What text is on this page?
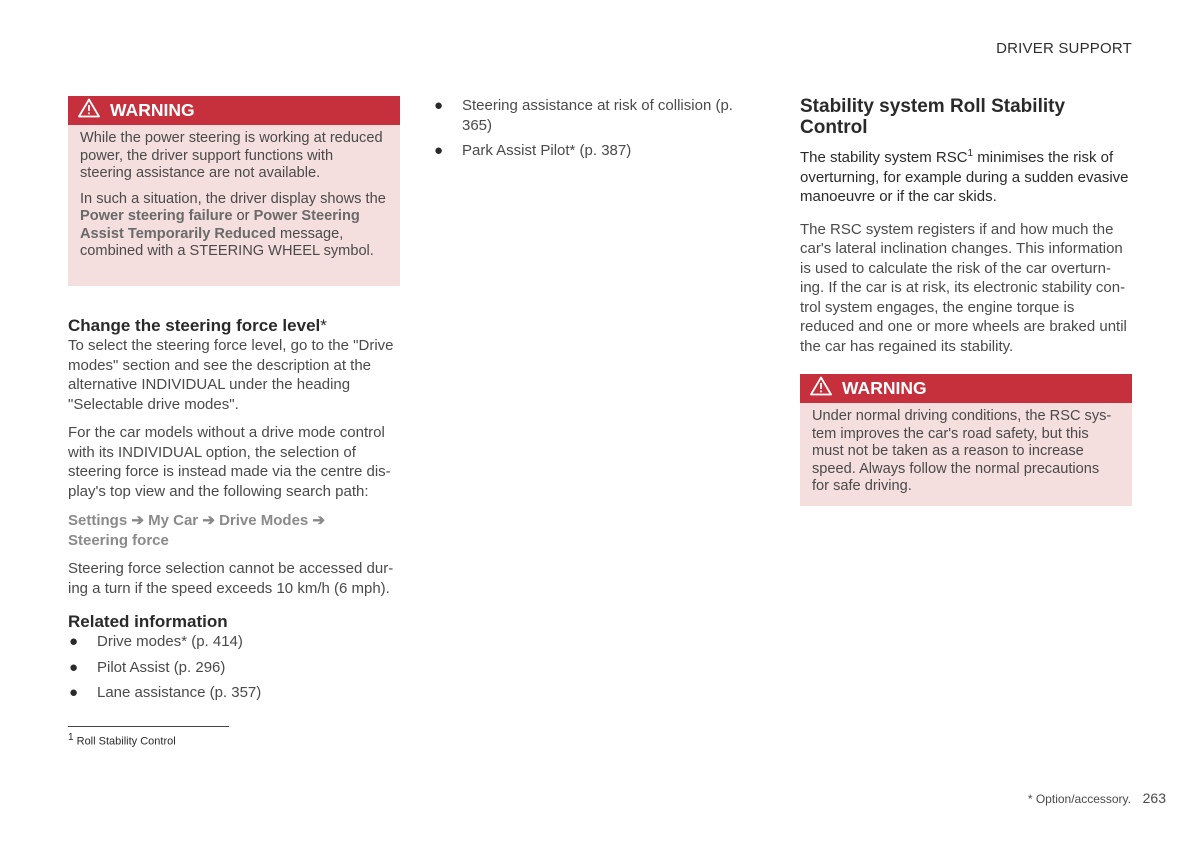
DRIVER SUPPORT
WARNING

While the power steering is working at reduced power, the driver support functions with steering assistance are not available.

In such a situation, the driver display shows the Power steering failure or Power Steering Assist Temporarily Reduced message, combined with a STEERING WHEEL symbol.

Change the steering force level*

To select the steering force level, go to the "Drive modes" section and see the description at the alternative INDIVIDUAL under the heading "Selectable drive modes".

For the car models without a drive mode control with its INDIVIDUAL option, the selection of steering force is instead made via the centre dis- play's top view and the following search path:

Settings ➔ My Car ➔ Drive Modes ➔
Steering force

Steering force selection cannot be accessed dur- ing a turn if the speed exceeds 10 km/h (6 mph).

Related information
● Drive modes* (p. 414)
● Pilot Assist (p. 296)
● Lane assistance (p. 357)
● Steering assistance at risk of collision (p. 365)
● Park Assist Pilot* (p. 387)
Stability system Roll Stability Control

The stability system RSC$^1$ minimises the risk of overturning, for example during a sudden evasive manoeuvre or if the car skids.

The RSC system registers if and how much the car's lateral inclination changes. This information is used to calculate the risk of the car overturn- ing. If the car is at risk, its electronic stability con- trol system engages, the engine torque is reduced and one or more wheels are braked until the car has regained its stability.

WARNING

Under normal driving conditions, the RSC sys- tem improves the car's road safety, but this must not be taken as a reason to increase speed. Always follow the normal precautions for safe driving.

$^1$ Roll Stability Control
* Option/accessory. 263
